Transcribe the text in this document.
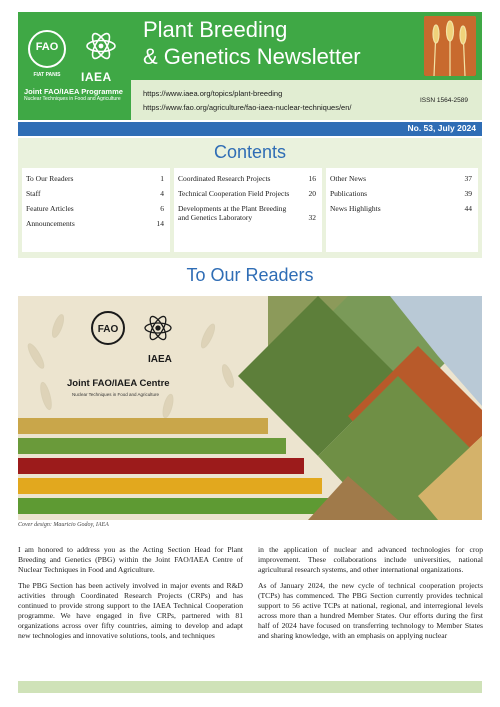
FAO
FIAT PANIS IAEA
Joint FAO/IAEA Programme
Nuclear Techniques in Food and Agriculture
Plant Breeding
& Genetics Newsletter
https://www.iaea.org/topics/plant-breeding
https://www.fao.org/agriculture/fao-iaea-nuclear-techniques/en/
ISSN 1564-2589
No. 53, July 2024
Contents
To Our Readers	1
Staff	4
Feature Articles	6
Announcements	14
Coordinated Research Projects	16
Technical Cooperation Field Projects	20
Developments at the Plant Breeding and Genetics Laboratory	32
Other News	37
Publications	39
News Highlights	44
To Our Readers
FAO
IAEA
Joint FAO/IAEA Centre
Nuclear Techniques in Food and Agriculture
Cover design: Mauricio Godoy, IAEA

I am honored to address you as the Acting Section Head for Plant Breeding and Genetics (PBG) within the Joint FAO/IAEA Centre of Nuclear Techniques in Food and Agriculture.

The PBG Section has been actively involved in major events and R&D activities through Coordinated Research Projects (CRPs) and has continued to provide strong support to the IAEA Technical Cooperation programme. We have engaged in five CRPs, partnered with 81 organizations across over fifty countries, aiming to develop and adapt new technologies and innovative solutions, tools, and techniques

in the application of nuclear and advanced technologies for crop improvement. These collaborations include universities, national agricultural research systems, and other international organizations.

As of January 2024, the new cycle of technical cooperation projects (TCPs) has commenced. The PBG Section currently provides technical support to 56 active TCPs at national, regional, and interregional levels across more than a hundred Member States. Our efforts during the first half of 2024 have focused on transferring technology to Member States and sharing knowledge, with an emphasis on applying nuclear
